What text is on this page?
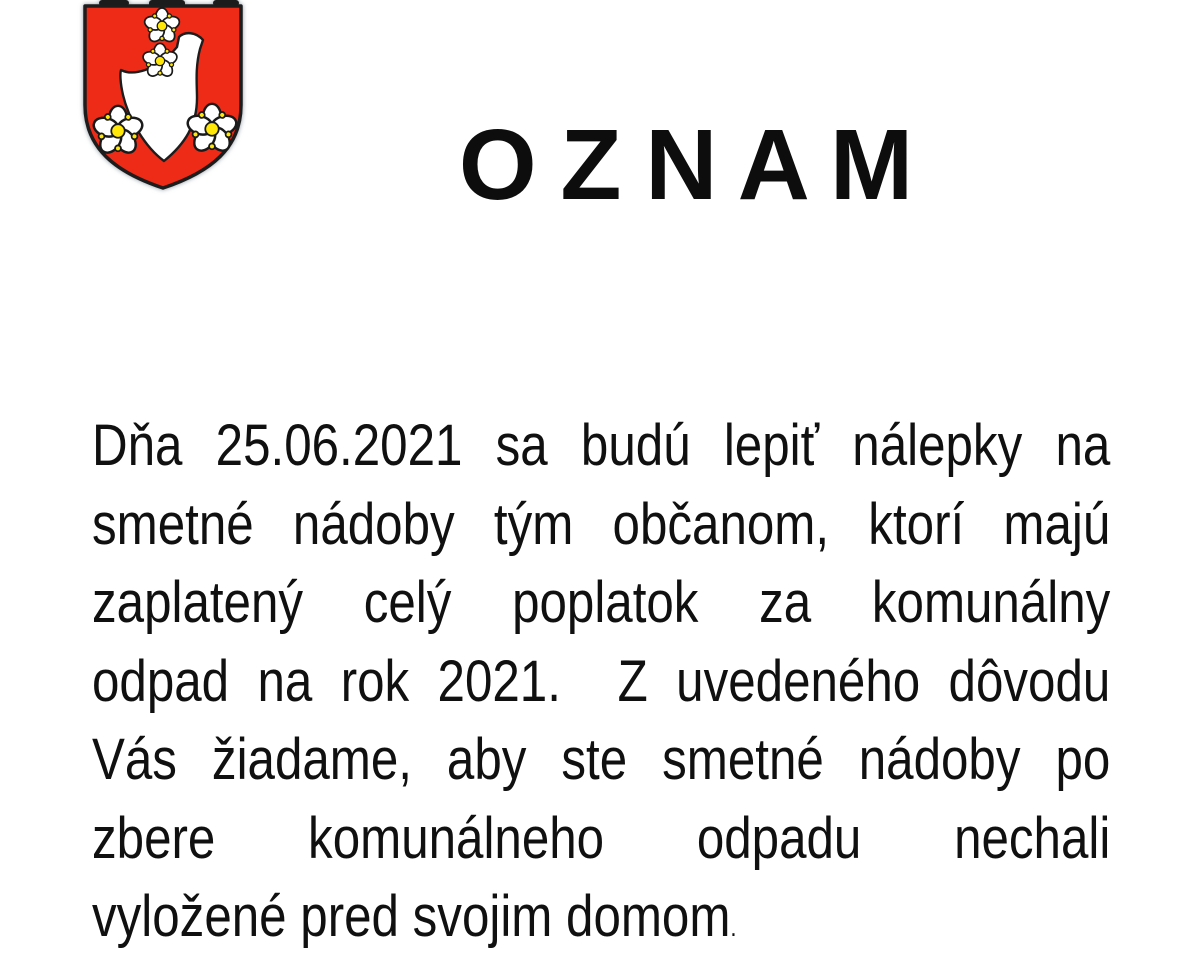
O Z N A M
Dňa 25.06.2021 sa budú lepiť nálepky na
smetné nádoby tým občanom, ktorí majú
zaplatený celý poplatok za komunálny
odpad na rok 2021.  Z uvedeného dôvodu
Vás žiadame, aby ste smetné nádoby po
zbere komunálneho odpadu nechali
vyložené pred svojim domom.
